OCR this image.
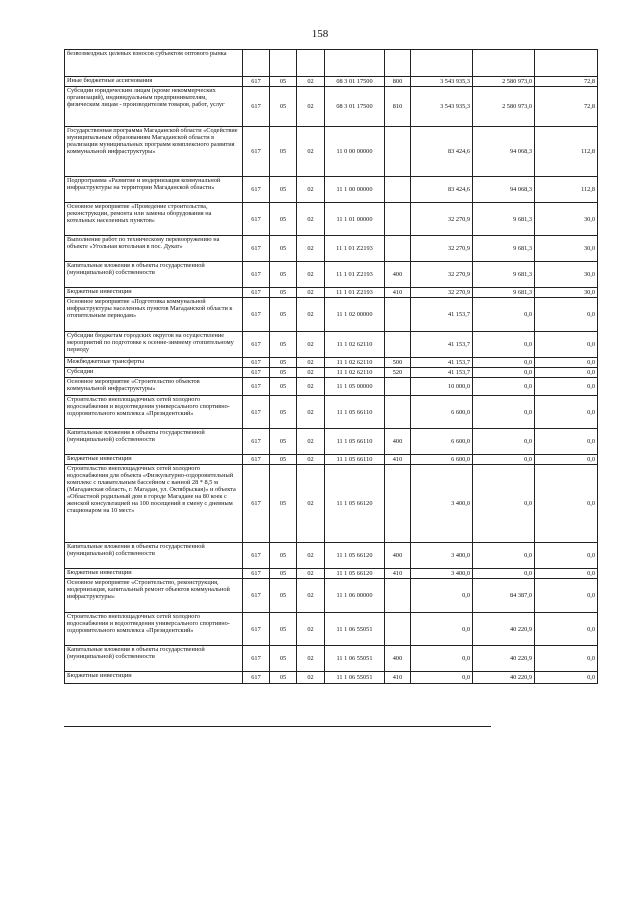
158
безвозмездных целевых взносов субъектом оптового рынка								
Иные бюджетные ассигнования	617	05	02	08 3 01 17500	800	3 543 935,3	2 580 973,0	72,8
Субсидии юридическим лицам (кроме некоммерческих организаций), индивидуальным предпринимателям, физическим лицам - производителям товаров, работ, услуг	617	05	02	08 3 01 17500	810	3 543 935,3	2 580 973,0	72,8
Государственная программа Магаданской области «Содействие муниципальным образованиям Магаданской области в реализации муниципальных программ комплексного развития коммунальной инфраструктуры»	617	05	02	11 0 00 00000		83 424,6	94 068,3	112,8
Подпрограмма «Развитие и модернизация коммунальной инфраструктуры на территории Магаданской области»	617	05	02	11 1 00 00000		83 424,6	94 068,3	112,8
Основное мероприятие «Проведение строительства, реконструкции, ремонта или замены оборудования на котельных населенных пунктов»	617	05	02	11 1 01 00000		32 270,9	9 681,3	30,0
Выполнение работ по техническому перевооружению на объекте «Угольная котельная в пос. Дукат»	617	05	02	11 1 01 Z2193		32 270,9	9 681,3	30,0
Капитальные вложения в объекты государственной (муниципальной) собственности	617	05	02	11 1 01 Z2193	400	32 270,9	9 681,3	30,0
Бюджетные инвестиции	617	05	02	11 1 01 Z2193	410	32 270,9	9 681,3	30,0
Основное мероприятие «Подготовка коммунальной инфраструктуры населенных пунктов Магаданской области к отопительным периодам»	617	05	02	11 1 02 00000		41 153,7	0,0	0,0
Субсидии бюджетам городских округов на осуществление мероприятий по подготовке к осенне-зимнему отопительному периоду	617	05	02	11 1 02 62110		41 153,7	0,0	0,0
Межбюджетные трансферты	617	05	02	11 1 02 62110	500	41 153,7	0,0	0,0
Субсидии	617	05	02	11 1 02 62110	520	41 153,7	0,0	0,0
Основное мероприятие «Строительство объектов коммунальной инфраструктуры»	617	05	02	11 1 05 00000		10 000,0	0,0	0,0
Строительство внеплощадочных сетей холодного водоснабжения и водоотведения универсального спортивно-оздоровительного комплекса «Президентский»	617	05	02	11 1 05 66110		6 600,0	0,0	0,0
Капитальные вложения в объекты государственной (муниципальной) собственности	617	05	02	11 1 05 66110	400	6 600,0	0,0	0,0
Бюджетные инвестиции	617	05	02	11 1 05 66110	410	6 600,0	0,0	0,0
Строительство внеплощадочных сетей холодного водоснабжения для объекта «Физкультурно-оздоровительный комплекс с плавательным бассейном с ванной 28 * 8,5 м (Магаданская область, г. Магадан, ул. Октябрьская)» и объекта «Областной родильный дом в городе Магадане на 80 коек с женской консультацией на 100 посещений в смену с дневным стационаром на 10 мест»	617	05	02	11 1 05 66120		3 400,0	0,0	0,0
Капитальные вложения в объекты государственной (муниципальной) собственности	617	05	02	11 1 05 66120	400	3 400,0	0,0	0,0
Бюджетные инвестиции	617	05	02	11 1 05 66120	410	3 400,0	0,0	0,0
Основное мероприятие «Строительство, реконструкция, модернизация, капитальный ремонт объектов коммунальной инфраструктуры»	617	05	02	11 1 06 00000		0,0	84 387,0	0,0
Строительство внеплощадочных сетей холодного водоснабжения и водоотведения универсального спортивно-оздоровительного комплекса «Президентский»	617	05	02	11 1 06 55051		0,0	40 220,9	0,0
Капитальные вложения в объекты государственной (муниципальной) собственности	617	05	02	11 1 06 55051	400	0,0	40 220,9	0,0
Бюджетные инвестиции	617	05	02	11 1 06 55051	410	0,0	40 220,9	0,0
